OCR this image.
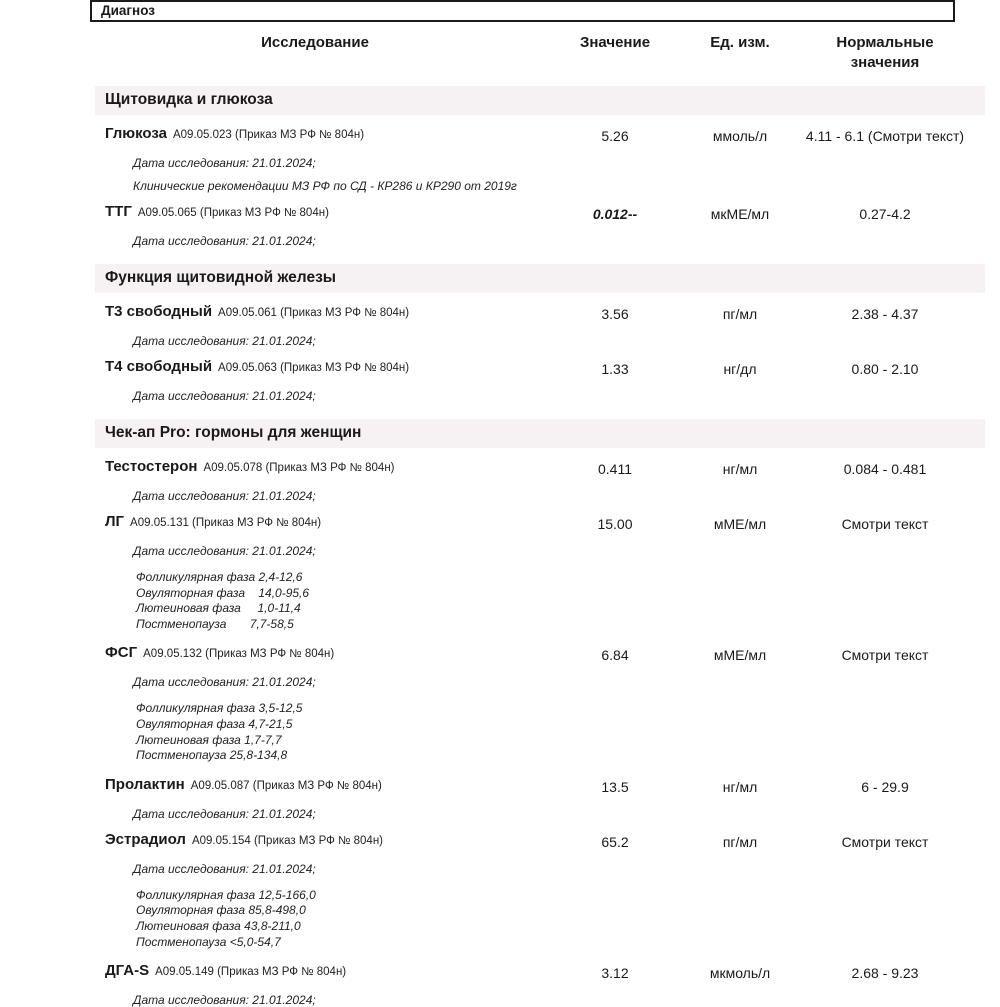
Диагноз
Исследование	Значение	Ед. изм.	Нормальные значения
Щитовидка и глюкоза
Глюкоза A09.05.023 (Приказ МЗ РФ № 804н)
Дата исследования: 21.01.2024;
Клинические рекомендации МЗ РФ по СД - КР286 и КР290 от 2019г
5.26	ммоль/л	4.11 - 6.1 (Смотри текст)
ТТГ A09.05.065 (Приказ МЗ РФ № 804н)
Дата исследования: 21.01.2024;
0.012--	мкМЕ/мл	0.27-4.2
Функция щитовидной железы
Т3 свободный A09.05.061 (Приказ МЗ РФ № 804н)
Дата исследования: 21.01.2024;
3.56	пг/мл	2.38 - 4.37
Т4 свободный A09.05.063 (Приказ МЗ РФ № 804н)
Дата исследования: 21.01.2024;
1.33	нг/дл	0.80 - 2.10
Чек-ап Pro: гормоны для женщин
Тестостерон A09.05.078 (Приказ МЗ РФ № 804н)
Дата исследования: 21.01.2024;
0.411	нг/мл	0.084 - 0.481
ЛГ A09.05.131 (Приказ МЗ РФ № 804н)
Дата исследования: 21.01.2024;
Фолликулярная фаза 2,4-12,6
Овуляторная фаза    14,0-95,6
Лютеиновая фаза     1,0-11,4
Постменопауза       7,7-58,5
15.00	мМЕ/мл	Смотри текст
ФСГ A09.05.132 (Приказ МЗ РФ № 804н)
Дата исследования: 21.01.2024;
Фолликулярная фаза 3,5-12,5
Овуляторная фаза 4,7-21,5
Лютеиновая фаза 1,7-7,7
Постменопауза 25,8-134,8
6.84	мМЕ/мл	Смотри текст
Пролактин A09.05.087 (Приказ МЗ РФ № 804н)
Дата исследования: 21.01.2024;
13.5	нг/мл	6 - 29.9
Эстрадиол A09.05.154 (Приказ МЗ РФ № 804н)
Дата исследования: 21.01.2024;
Фолликулярная фаза 12,5-166,0
Овуляторная фаза 85,8-498,0
Лютеиновая фаза 43,8-211,0
Постменопауза <5,0-54,7
65.2	пг/мл	Смотри текст
ДГА-S A09.05.149 (Приказ МЗ РФ № 804н)
Дата исследования: 21.01.2024;
3.12	мкмоль/л	2.68 - 9.23
